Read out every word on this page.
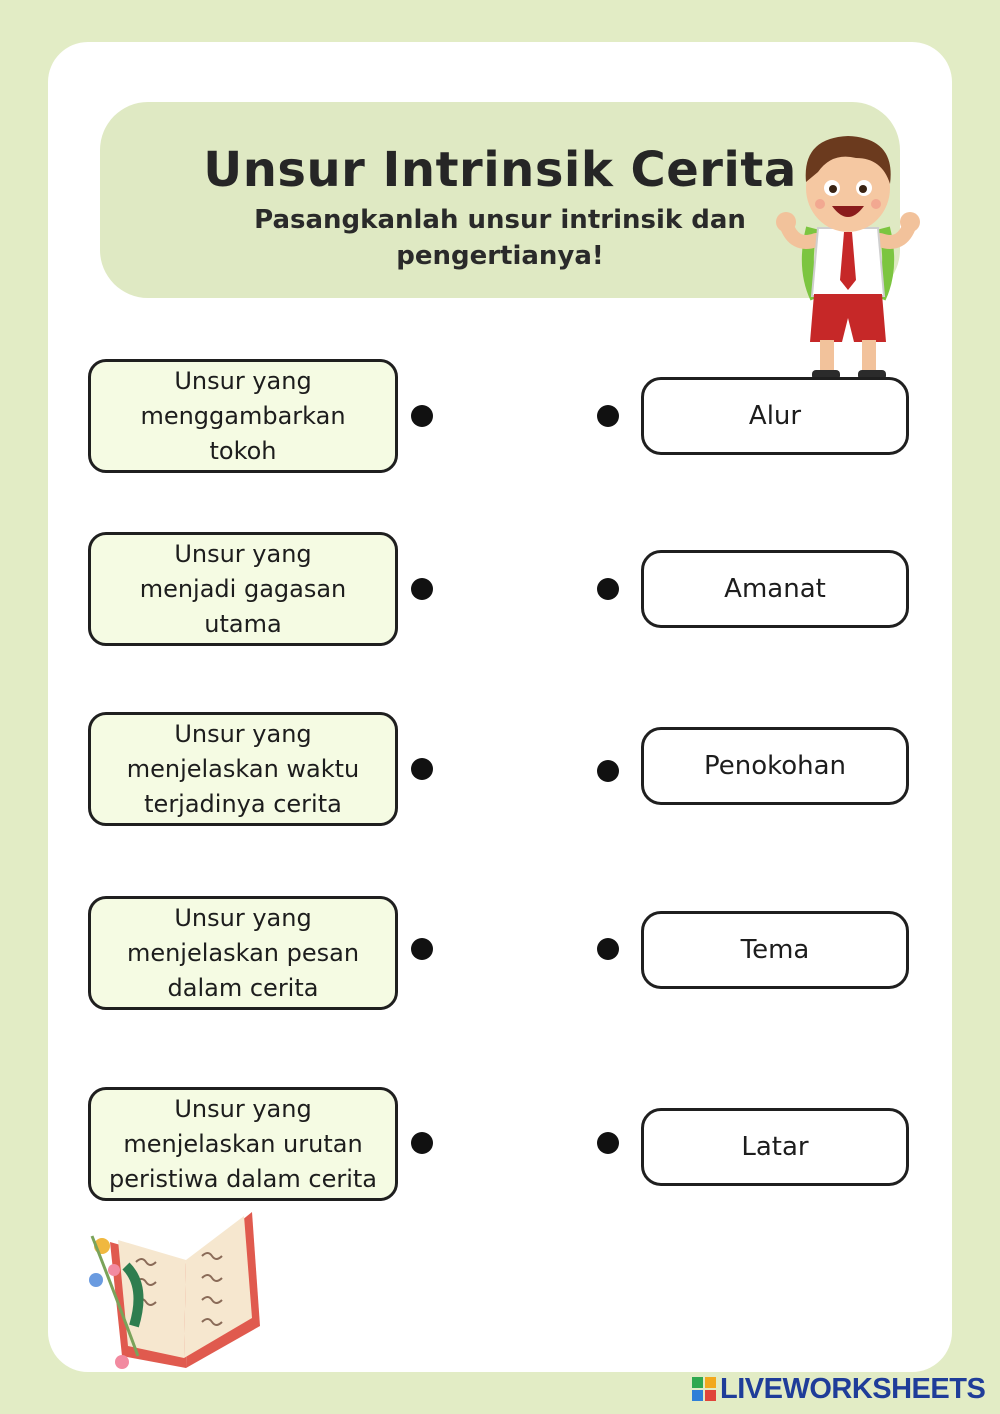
Unsur Intrinsik Cerita
Pasangkanlah unsur intrinsik dan pengertianya!
Unsur yang
menggambarkan
tokoh
Unsur yang
menjadi gagasan
utama
Unsur yang
menjelaskan waktu
terjadinya cerita
Unsur yang
menjelaskan pesan
dalam cerita
Unsur yang
menjelaskan urutan
peristiwa dalam cerita
Alur
Amanat
Penokohan
Tema
Latar
LIVEWORKSHEETS
